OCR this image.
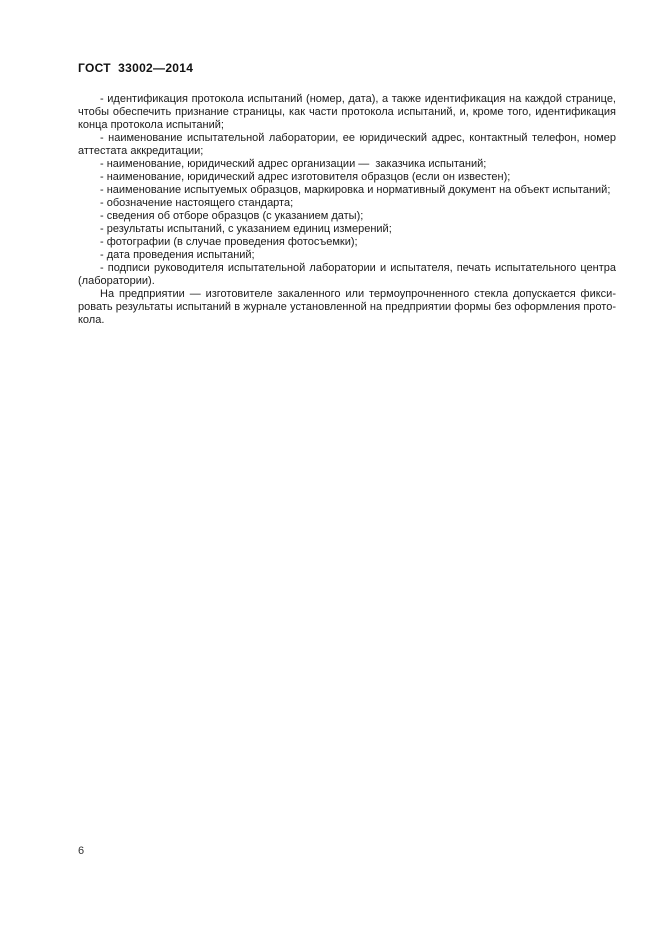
ГОСТ  33002—2014

- идентификация протокола испытаний (номер, дата), а также идентификация на каждой странице, чтобы обеспечить признание страницы, как части протокола испытаний, и, кроме того, идентификация конца протокола испытаний;

- наименование испытательной лаборатории, ее юридический адрес, контактный телефон, номер аттестата аккредитации;

- наименование, юридический адрес организации —  заказчика испытаний;

- наименование, юридический адрес изготовителя образцов (если он известен);

- наименование испытуемых образцов, маркировка и нормативный документ на объект испытаний;

- обозначение настоящего стандарта;

- сведения об отборе образцов (с указанием даты);

- результаты испытаний, с указанием единиц измерений;

- фотографии (в случае проведения фотосъемки);

- дата проведения испытаний;

- подписи руководителя испытательной лаборатории и испытателя, печать испытательного центра (лаборатории).

На предприятии — изготовителе закаленного или термоупрочненного стекла допускается фиксировать результаты испытаний в журнале установленной на предприятии формы без оформления протокола.

6
